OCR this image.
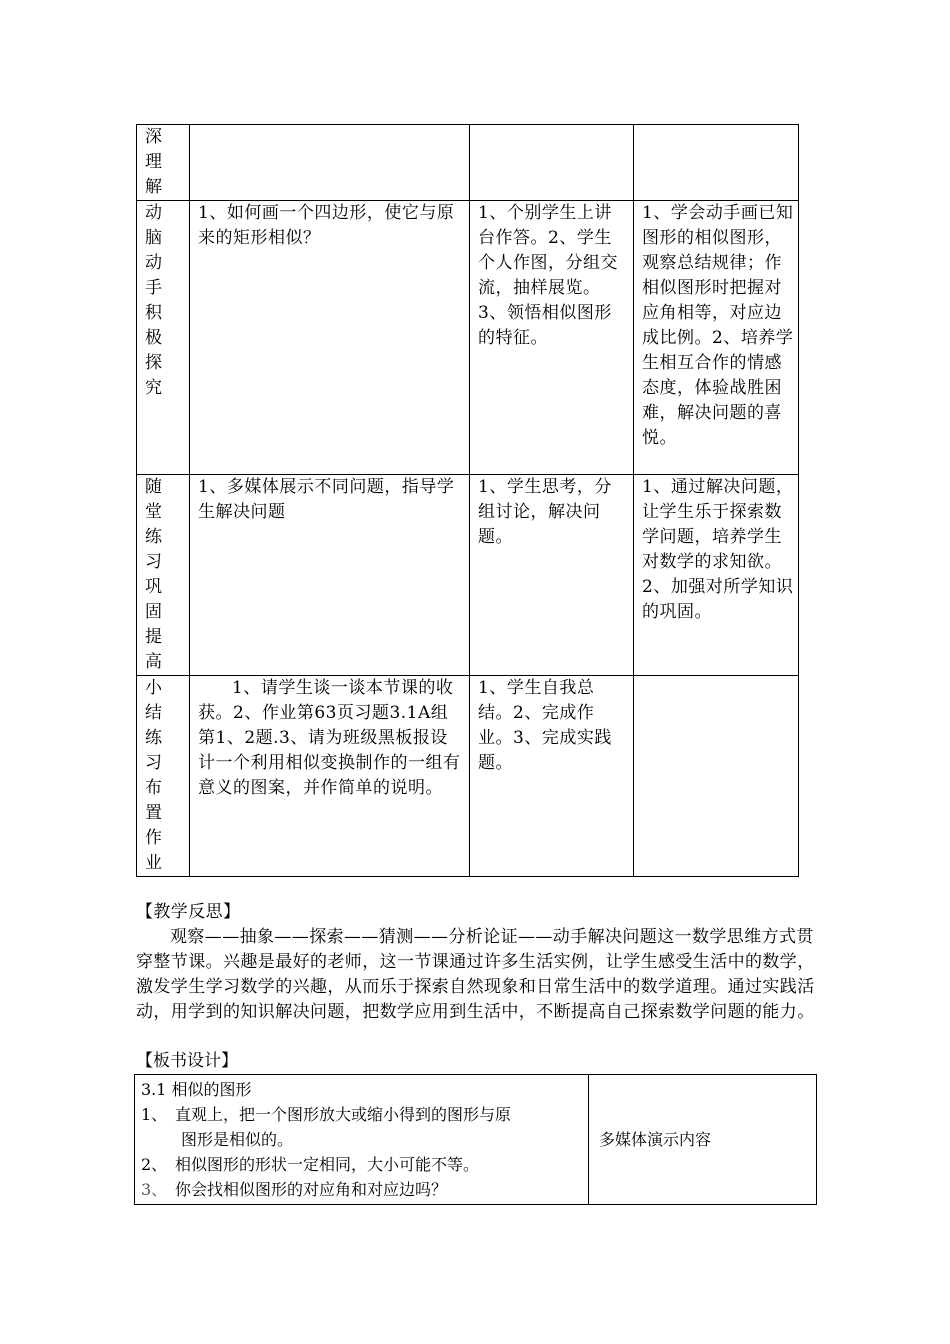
深理解			

动脑动手积极探究	1、如何画一个四边形，使它与原来的矩形相似？	1、个别学生上讲台作答。2、学生个人作图，分组交流，抽样展览。3、领悟相似图形的特征。	1、学会动手画已知图形的相似图形，观察总结规律；作相似图形时把握对应角相等，对应边成比例。2、培养学生相互合作的情感态度，体验战胜困难，解决问题的喜悦。

随堂练习巩固提高	1、多媒体展示不同问题，指导学生解决问题	1、学生思考，分组讨论，解决问题。	1、通过解决问题，让学生乐于探索数学问题，培养学生对数学的求知欲。2、加强对所学知识的巩固。

小结练习布置作业	1、请学生谈一谈本节课的收获。2、作业第63页习题3.1A组第1、2题.3、请为班级黑板报设计一个利用相似变换制作的一组有意义的图案，并作简单的说明。	1、学生自我总结。2、完成作业。3、完成实践题。	

【教学反思】
观察——抽象——探索——猜测——分析论证——动手解决问题这一数学思维方式贯穿整节课。兴趣是最好的老师，这一节课通过许多生活实例，让学生感受生活中的数学，激发学生学习数学的兴趣，从而乐于探索自然现象和日常生活中的数学道理。通过实践活动，用学到的知识解决问题，把数学应用到生活中，不断提高自己探索数学问题的能力。
【板书设计】
3.1 相似的图形
1、 直观上，把一个图形放大或缩小得到的图形与原
图形是相似的。
2、 相似图形的形状一定相同，大小可能不等。
3、 你会找相似图形的对应角和对应边吗？
	多媒体演示内容
